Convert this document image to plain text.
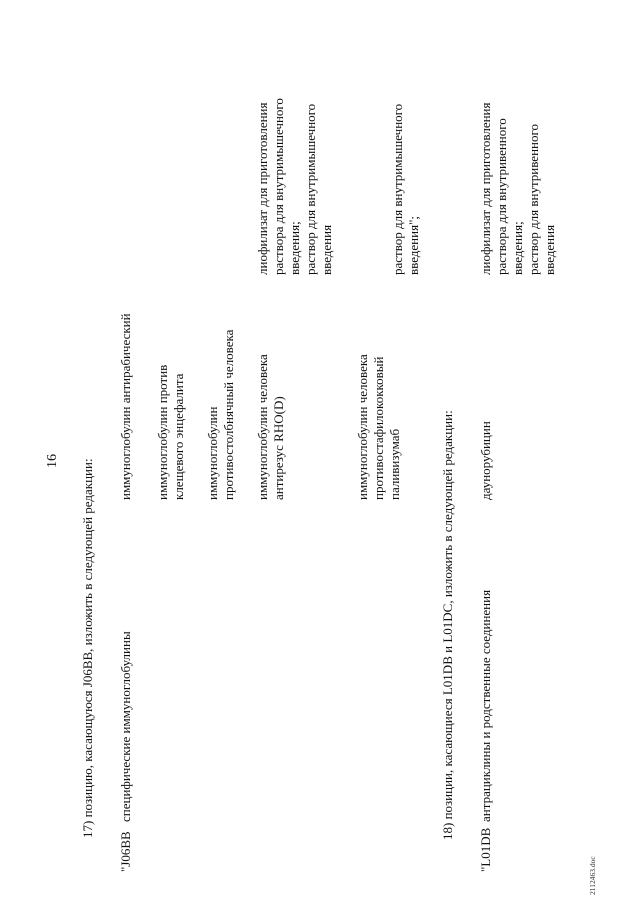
16 17) позицию, касающуюся J06BB, изложить в следующей редакции:
"J06BB
специфические иммуноглобулины
иммуноглобулин антирабический иммуноглобулин против
клещевого энцефалита
иммуноглобулин
противостолбнячный человека
иммуноглобулин человека
антирезус RHO(D)	иммуноглобулин человека
противостафилококковый
паливизумаб
лиофилизат для приготовления
раствора для внутримышечного
введения;
раствор для внутримышечного
введения	раствор для внутримышечного
введения";
18) позиции, касающиеся L01DB и L01DC, изложить в следующей редакции:
"L01DB
антрациклины и родственные соединения
даунорубицин
лиофилизат для приготовления
раствора для внутривенного
введения;
раствор для внутривенного
введения
2112463.doc
